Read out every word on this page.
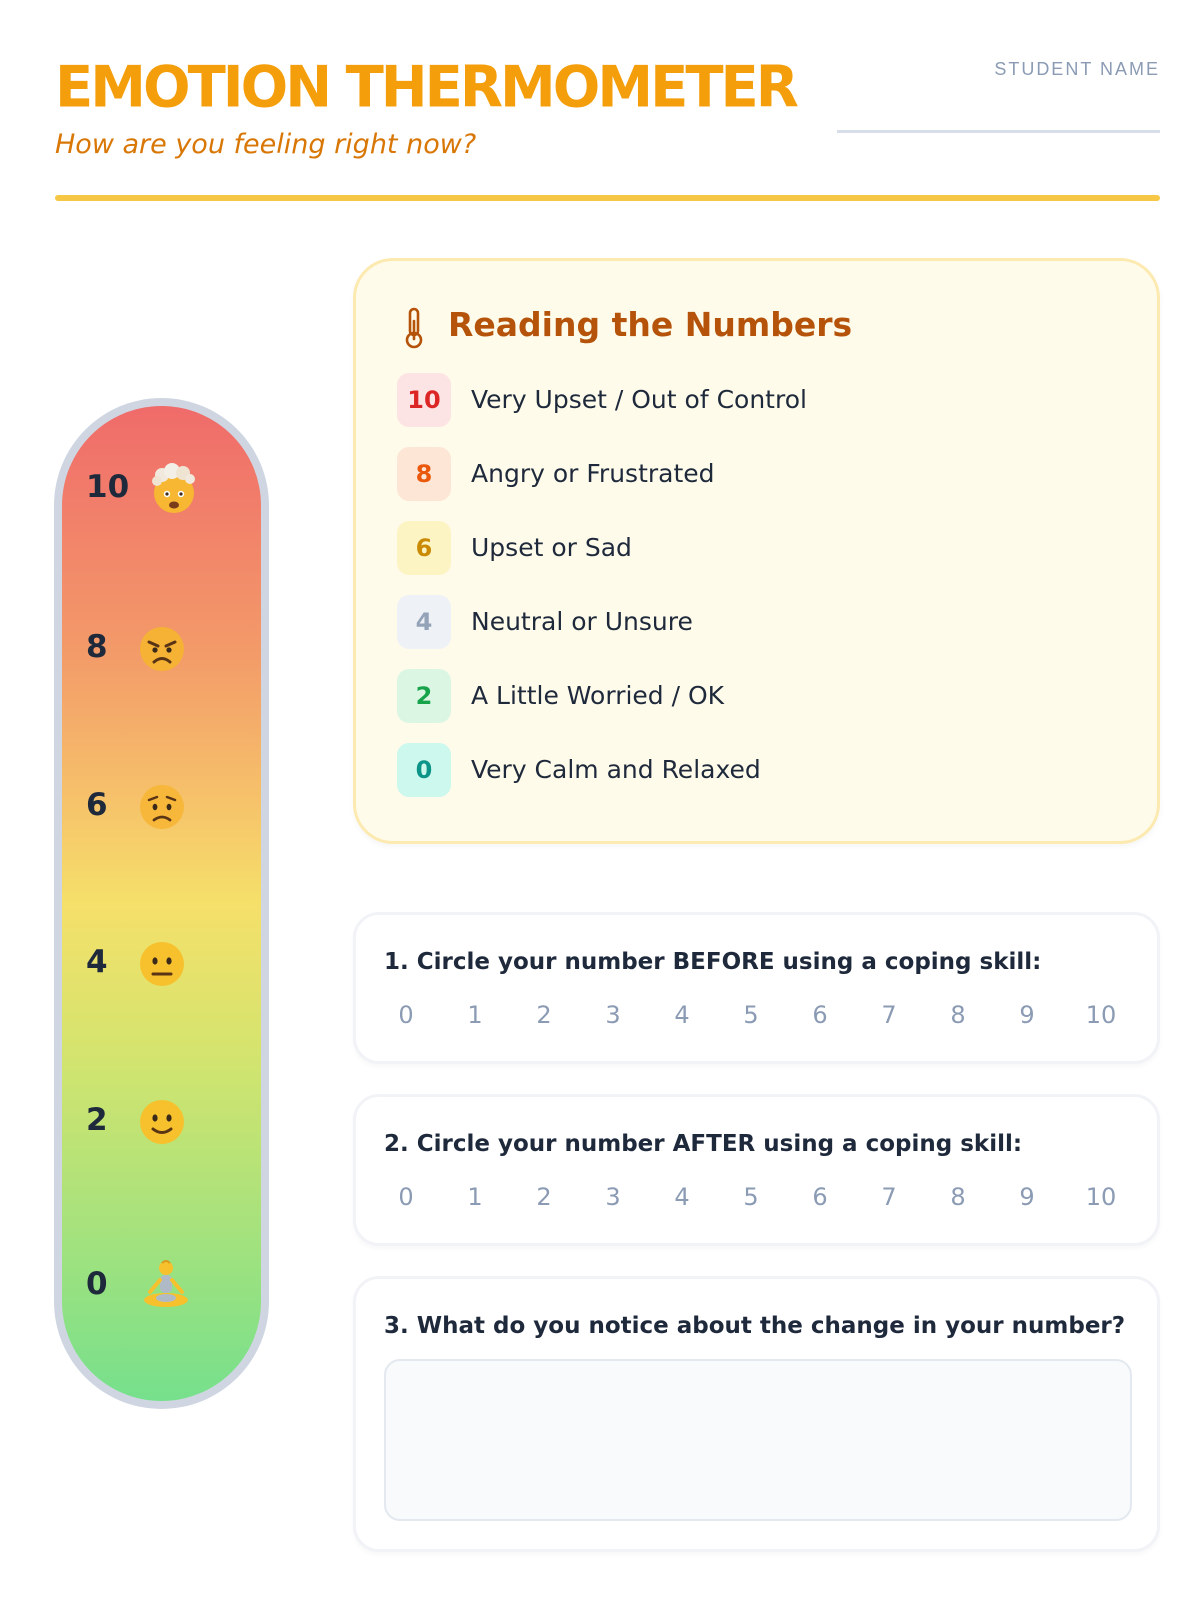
EMOTION THERMOMETER
How are you feeling right now?
STUDENT NAME
10
8
6
4
2
0
Reading the Numbers
10	Very Upset / Out of Control
8	Angry or Frustrated
6	Upset or Sad
4	Neutral or Unsure
2	A Little Worried / OK
0	Very Calm and Relaxed
1. Circle your number BEFORE using a coping skill:
0	1	2	3	4	5	6	7	8	9	10
2. Circle your number AFTER using a coping skill:
0	1	2	3	4	5	6	7	8	9	10
3. What do you notice about the change in your number?
